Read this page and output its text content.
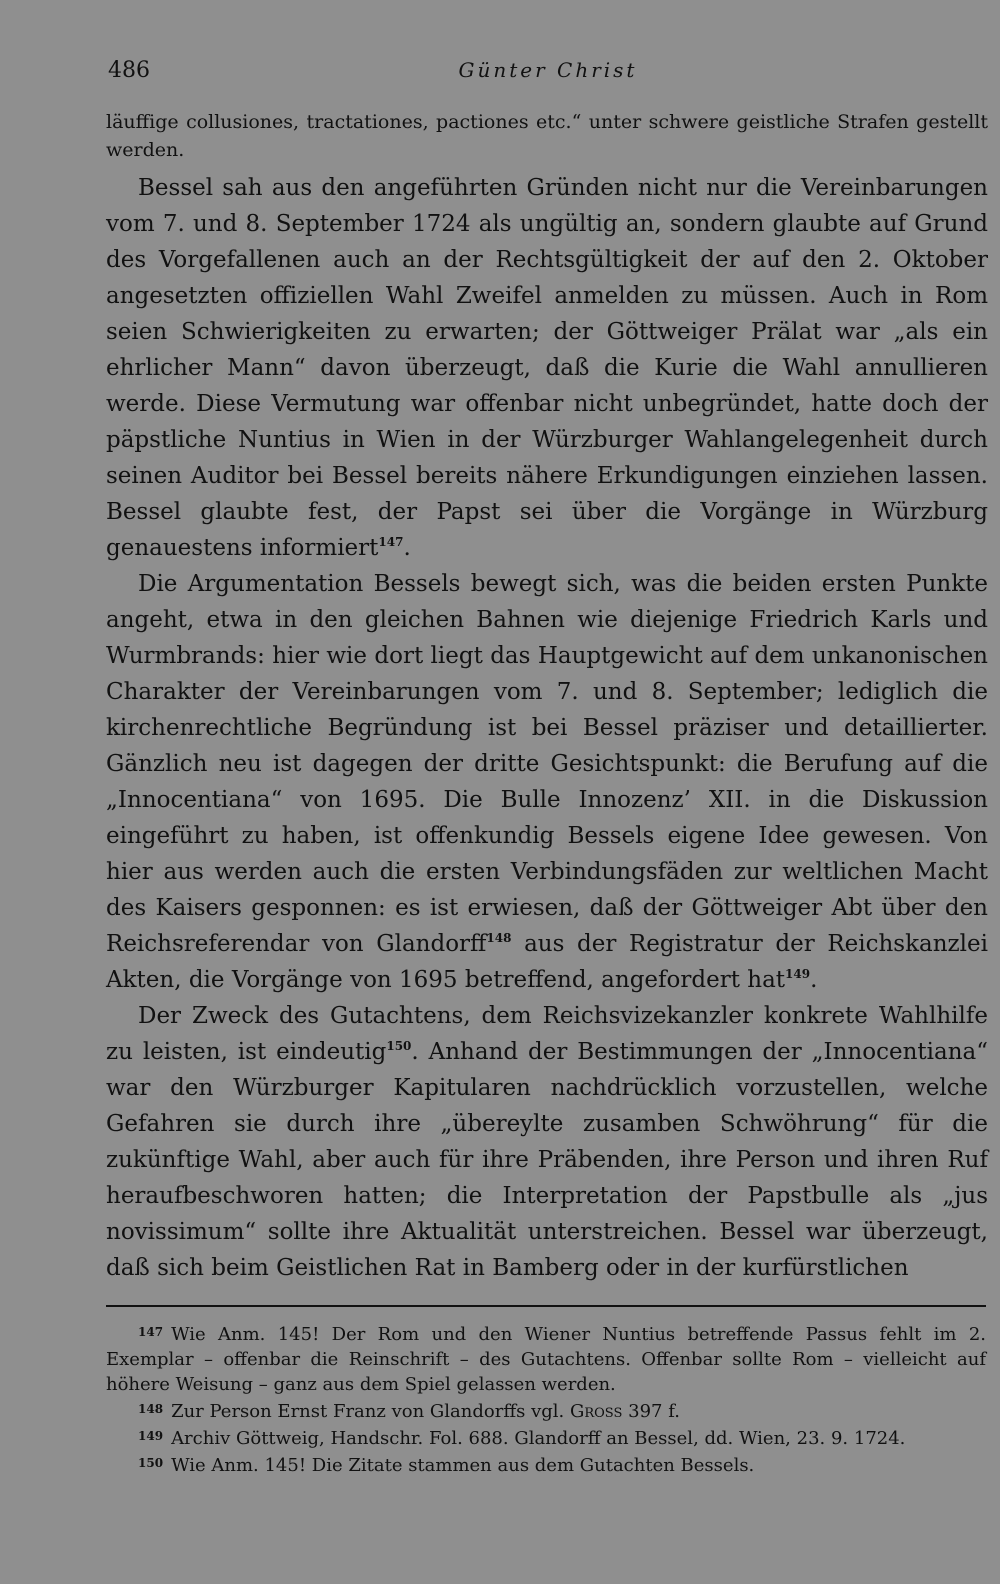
486	Günter Christ

läuffige collusiones, tractationes, pactiones etc.“ unter schwere geistliche Strafen gestellt werden.

Bessel sah aus den angeführten Gründen nicht nur die Vereinbarungen vom 7. und 8. September 1724 als ungültig an, sondern glaubte auf Grund des Vorgefallenen auch an der Rechtsgültigkeit der auf den 2. Oktober angesetzten offiziellen Wahl Zweifel anmelden zu müssen. Auch in Rom seien Schwierigkeiten zu erwarten; der Göttweiger Prälat war „als ein ehrlicher Mann“ davon überzeugt, daß die Kurie die Wahl annullieren werde. Diese Vermutung war offenbar nicht unbegründet, hatte doch der päpstliche Nuntius in Wien in der Würzburger Wahlangelegenheit durch seinen Auditor bei Bessel bereits nähere Erkundigungen einziehen lassen. Bessel glaubte fest, der Papst sei über die Vorgänge in Würzburg genauestens informiert$^{147}$.

Die Argumentation Bessels bewegt sich, was die beiden ersten Punkte angeht, etwa in den gleichen Bahnen wie diejenige Friedrich Karls und Wurmbrands: hier wie dort liegt das Hauptgewicht auf dem unkanonischen Charakter der Vereinbarungen vom 7. und 8. September; lediglich die kirchenrechtliche Begründung ist bei Bessel präziser und detaillierter. Gänzlich neu ist dagegen der dritte Gesichtspunkt: die Berufung auf die „Innocentiana“ von 1695. Die Bulle Innozenz’ XII. in die Diskussion eingeführt zu haben, ist offenkundig Bessels eigene Idee gewesen. Von hier aus werden auch die ersten Verbindungsfäden zur weltlichen Macht des Kaisers gesponnen: es ist erwiesen, daß der Göttweiger Abt über den Reichsreferendar von Glandorff$^{148}$ aus der Registratur der Reichskanzlei Akten, die Vorgänge von 1695 betreffend, angefordert hat$^{149}$.

Der Zweck des Gutachtens, dem Reichsvizekanzler konkrete Wahlhilfe zu leisten, ist eindeutig$^{150}$. Anhand der Bestimmungen der „Innocentiana“ war den Würzburger Kapitularen nachdrücklich vorzustellen, welche Gefahren sie durch ihre „übereylte zusamben Schwöhrung“ für die zukünftige Wahl, aber auch für ihre Präbenden, ihre Person und ihren Ruf heraufbeschworen hatten; die Interpretation der Papstbulle als „jus novissimum“ sollte ihre Aktualität unterstreichen. Bessel war überzeugt, daß sich beim Geistlichen Rat in Bamberg oder in der kurfürstlichen

$^{147}$ Wie Anm. 145! Der Rom und den Wiener Nuntius betreffende Passus fehlt im 2. Exemplar – offenbar die Reinschrift – des Gutachtens. Offenbar sollte Rom – vielleicht auf höhere Weisung – ganz aus dem Spiel gelassen werden.

$^{148}$ Zur Person Ernst Franz von Glandorffs vgl. Gross 397 f.

$^{149}$ Archiv Göttweig, Handschr. Fol. 688. Glandorff an Bessel, dd. Wien, 23. 9. 1724.

$^{150}$ Wie Anm. 145! Die Zitate stammen aus dem Gutachten Bessels.
